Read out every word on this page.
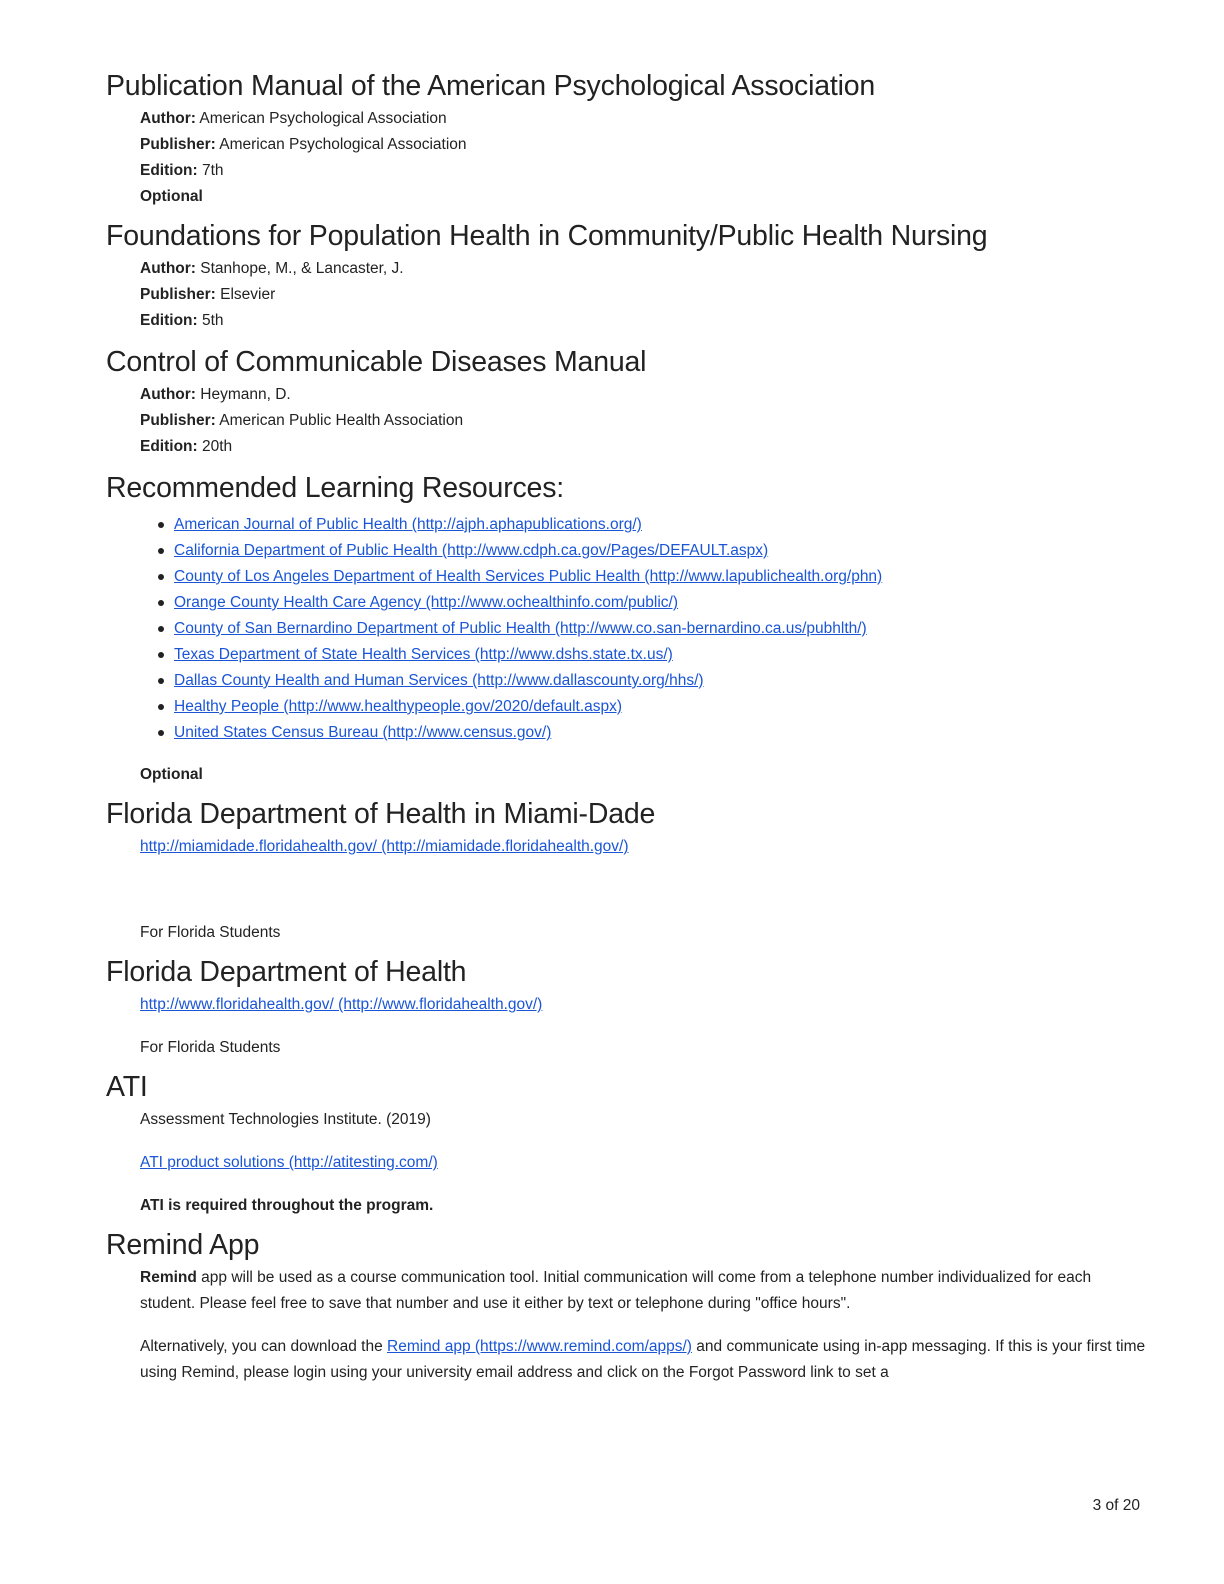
Publication Manual of the American Psychological Association
Author: American Psychological Association
Publisher: American Psychological Association
Edition: 7th
Optional
Foundations for Population Health in Community/Public Health Nursing
Author: Stanhope, M., & Lancaster, J.
Publisher: Elsevier
Edition: 5th
Control of Communicable Diseases Manual
Author: Heymann, D.
Publisher: American Public Health Association
Edition: 20th
Recommended Learning Resources:
American Journal of Public Health (http://ajph.aphapublications.org/)
California Department of Public Health (http://www.cdph.ca.gov/Pages/DEFAULT.aspx)
County of Los Angeles Department of Health Services Public Health (http://www.lapublichealth.org/phn)
Orange County Health Care Agency (http://www.ochealthinfo.com/public/)
County of San Bernardino Department of Public Health (http://www.co.san-bernardino.ca.us/pubhlth/)
Texas Department of State Health Services (http://www.dshs.state.tx.us/)
Dallas County Health and Human Services (http://www.dallascounty.org/hhs/)
Healthy People (http://www.healthypeople.gov/2020/default.aspx)
United States Census Bureau (http://www.census.gov/)
Optional
Florida Department of Health in Miami-Dade
http://miamidade.floridahealth.gov/ (http://miamidade.floridahealth.gov/)
For Florida Students
Florida Department of Health
http://www.floridahealth.gov/ (http://www.floridahealth.gov/)
For Florida Students
ATI
Assessment Technologies Institute. (2019)
ATI product solutions (http://atitesting.com/)
ATI is required throughout the program.
Remind App
Remind app will be used as a course communication tool. Initial communication will come from a telephone number individualized for each student. Please feel free to save that number and use it either by text or telephone during "office hours".
Alternatively, you can download the Remind app (https://www.remind.com/apps/) and communicate using in-app messaging. If this is your first time using Remind, please login using your university email address and click on the Forgot Password link to set a
3 of 20
